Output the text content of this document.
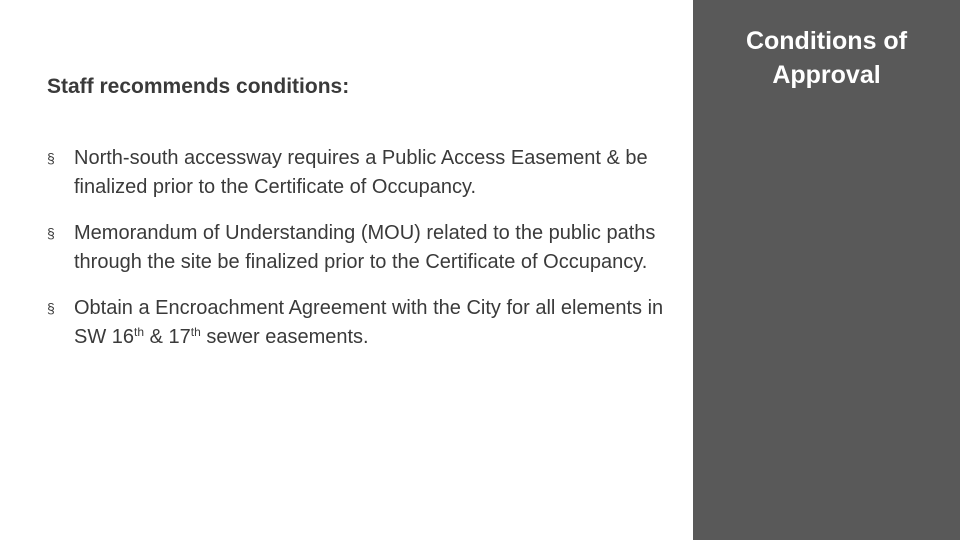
Staff recommends conditions:
§ North-south accessway requires a Public Access Easement & be finalized prior to the Certificate of Occupancy.
§ Memorandum of Understanding (MOU) related to the public paths through the site be finalized prior to the Certificate of Occupancy.
§ Obtain a Encroachment Agreement with the City for all elements in SW 16th & 17th sewer easements.
Conditions of
Approval
